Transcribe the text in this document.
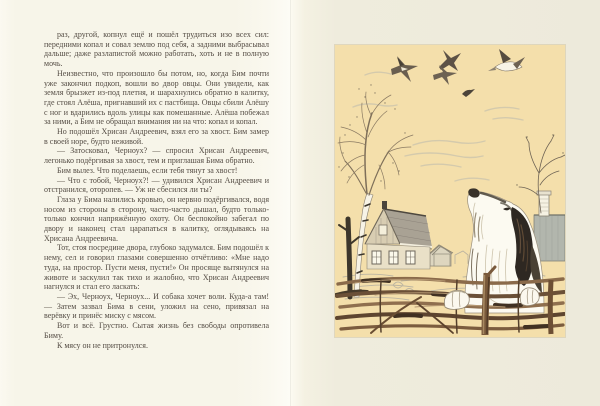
раз, другой, копнул ещё и пошёл трудиться изо всех сил: передними копал и совал землю под себя, а задними выбрасывал дальше; даже разлапистой можно работать, хоть и не в полную мочь.

Неизвестно, что произошло бы потом, но, когда Бим почти уже закончил подкоп, вошли во двор овцы. Они увидели, как земля брызжет из-под плетня, и шарахнулись обратно в калитку, где стоял Алёша, пригнавший их с пастбища. Овцы сбили Алёшу с ног и вдарились вдоль улицы как помешанные. Алёша побежал за ними, а Бим не обращал внимания ни на что: копал и копал.

Но подошёл Хрисан Андреевич, взял его за хвост. Бим замер в своей норе, будто неживой.

— Затосковал, Черноух? — спросил Хрисан Андреевич, легонько подёргивая за хвост, тем и приглашая Бима обратно.

Бим вылез. Что поделаешь, если тебя тянут за хвост!

— Что с тобой, Черноух?! — удивился Хрисан Андреевич и отстранился, оторопев. — Уж не сбесился ли ты?

Глаза у Бима налились кровью, он нервно подёргивался, водя носом из стороны в сторону, часто-часто дышал, будто только-только кончил напряжённую охоту. Он беспокойно забегал по двору и наконец стал царапаться в калитку, оглядываясь на Хрисана Андреевича.

Тот, стоя посредине двора, глубоко задумался. Бим подошёл к нему, сел и говорил глазами совершенно отчётливо: «Мне надо туда, на простор. Пусти меня, пусти!» Он просяще вытянулся на животе и заскулил так тихо и жалобно, что Хрисан Андреевич нагнулся и стал его ласкать:

— Эх, Черноух, Черноух... И собака хочет воли. Куда-а там! — Затем зазвал Бима в сени, уложил на сено, привязал на верёвку и принёс миску с мясом.

Вот и всё. Грустно. Сытая жизнь без свободы опротивела Биму.

К мясу он не притронулся.
